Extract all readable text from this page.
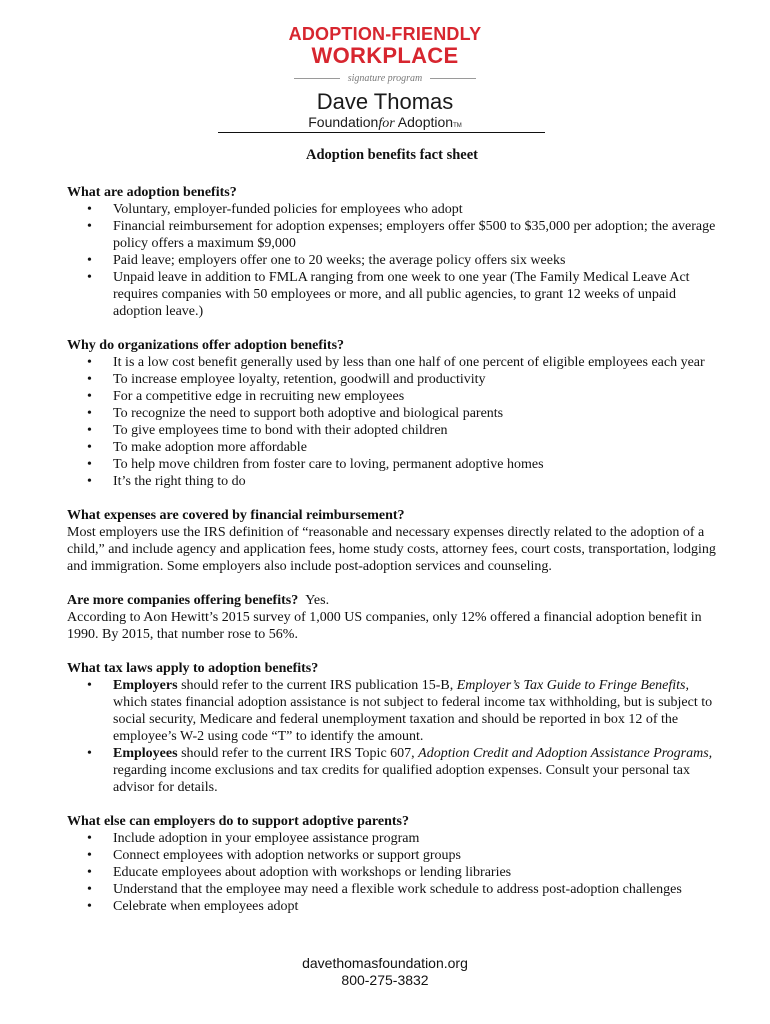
ADOPTION-FRIENDLY

WORKPLACE

signature program
Dave Thomas
Foundationfor AdoptionTM

Adoption benefits fact sheet

What are adoption benefits?

• Voluntary, employer-funded policies for employees who adopt
• Financial reimbursement for adoption expenses; employers offer $500 to $35,000 per adoption; the average policy offers a maximum $9,000
• Paid leave; employers offer one to 20 weeks; the average policy offers six weeks
• Unpaid leave in addition to FMLA ranging from one week to one year (The Family Medical Leave Act requires companies with 50 employees or more, and all public agencies, to grant 12 weeks of unpaid adoption leave.)

Why do organizations offer adoption benefits?

• It is a low cost benefit generally used by less than one half of one percent of eligible employees each year
• To increase employee loyalty, retention, goodwill and productivity
• For a competitive edge in recruiting new employees
• To recognize the need to support both adoptive and biological parents
• To give employees time to bond with their adopted children
• To make adoption more affordable
• To help move children from foster care to loving, permanent adoptive homes
• It’s the right thing to do

What expenses are covered by financial reimbursement?

Most employers use the IRS definition of “reasonable and necessary expenses directly related to the adoption of a child,” and include agency and application fees, home study costs, attorney fees, court costs, transportation, lodging and immigration. Some employers also include post-adoption services and counseling.

Are more companies offering benefits? Yes.

According to Aon Hewitt’s 2015 survey of 1,000 US companies, only 12% offered a financial adoption benefit in 1990. By 2015, that number rose to 56%.

What tax laws apply to adoption benefits?

• Employers should refer to the current IRS publication 15-B, Employer’s Tax Guide to Fringe Benefits, which states financial adoption assistance is not subject to federal income tax withholding, but is subject to social security, Medicare and federal unemployment taxation and should be reported in box 12 of the employee’s W-2 using code “T” to identify the amount.
• Employees should refer to the current IRS Topic 607, Adoption Credit and Adoption Assistance Programs, regarding income exclusions and tax credits for qualified adoption expenses. Consult your personal tax advisor for details.

What else can employers do to support adoptive parents?

• Include adoption in your employee assistance program
• Connect employees with adoption networks or support groups
• Educate employees about adoption with workshops or lending libraries
• Understand that the employee may need a flexible work schedule to address post-adoption challenges
• Celebrate when employees adopt
davethomasfoundation.org
800-275-3832
